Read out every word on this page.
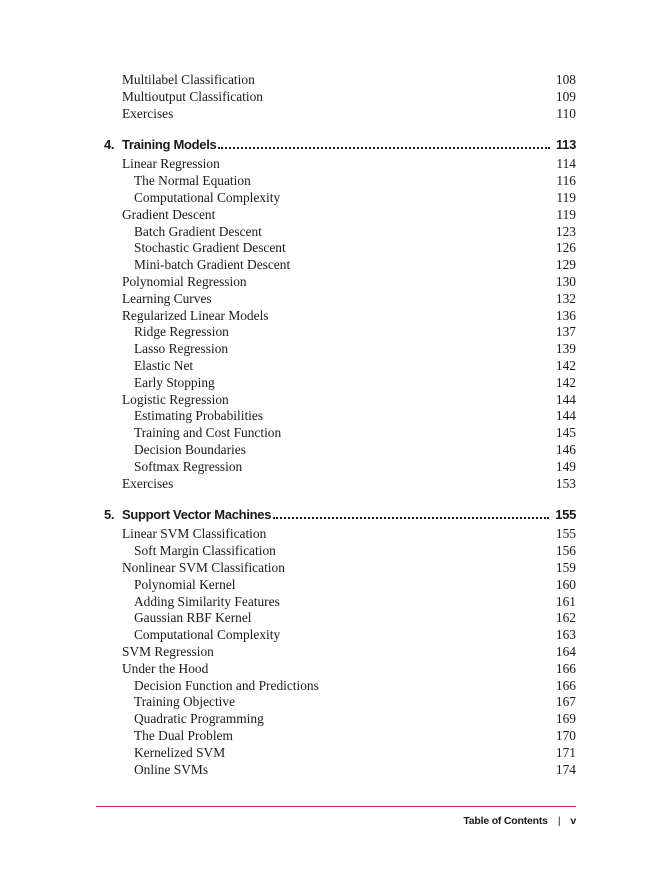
Multilabel Classification	108
Multioutput Classification	109
Exercises	110
4. Training Models	113
Linear Regression	114
The Normal Equation	116
Computational Complexity	119
Gradient Descent	119
Batch Gradient Descent	123
Stochastic Gradient Descent	126
Mini-batch Gradient Descent	129
Polynomial Regression	130
Learning Curves	132
Regularized Linear Models	136
Ridge Regression	137
Lasso Regression	139
Elastic Net	142
Early Stopping	142
Logistic Regression	144
Estimating Probabilities	144
Training and Cost Function	145
Decision Boundaries	146
Softmax Regression	149
Exercises	153
5. Support Vector Machines	155
Linear SVM Classification	155
Soft Margin Classification	156
Nonlinear SVM Classification	159
Polynomial Kernel	160
Adding Similarity Features	161
Gaussian RBF Kernel	162
Computational Complexity	163
SVM Regression	164
Under the Hood	166
Decision Function and Predictions	166
Training Objective	167
Quadratic Programming	169
The Dual Problem	170
Kernelized SVM	171
Online SVMs	174
Table of Contents | v
